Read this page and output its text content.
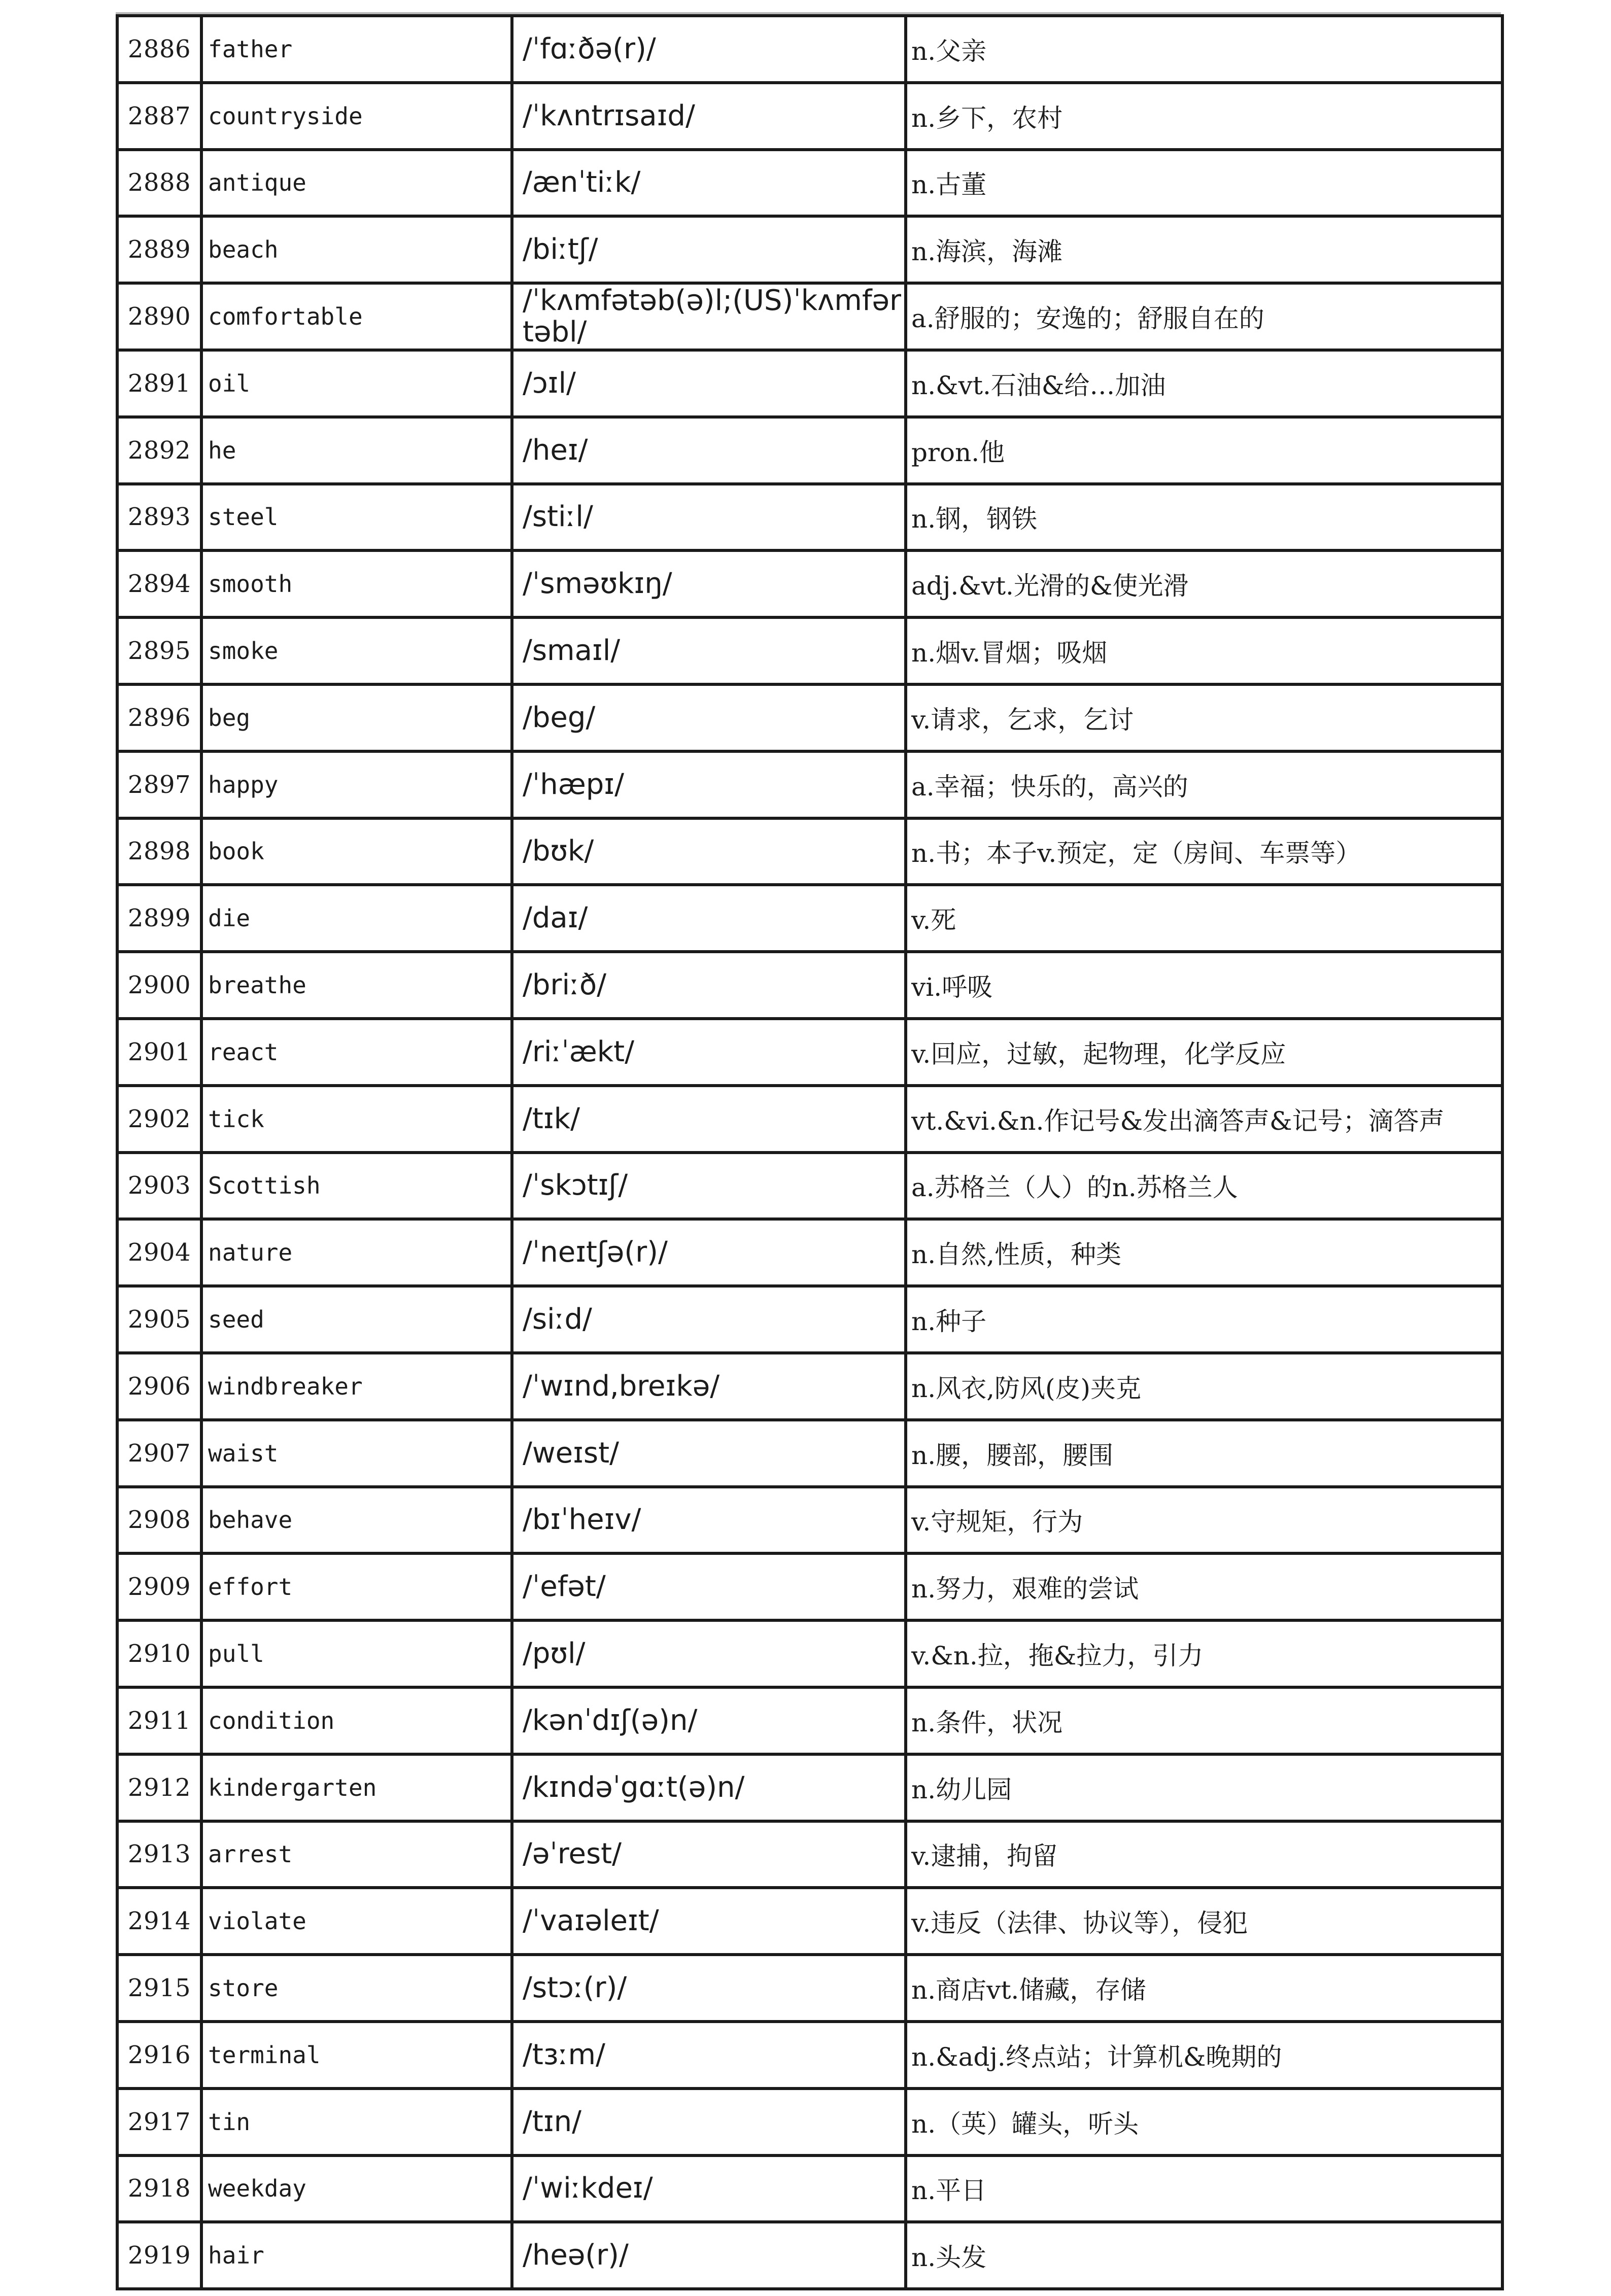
2886	father	/ˈfɑːðə(r)/	n.父亲
2887	countryside	/ˈkʌntrɪsaɪd/	n.乡下，农村
2888	antique	/ænˈtiːk/	n.古董
2889	beach	/biːtʃ/	n.海滨，海滩
2890	comfortable	/ˈkʌmfətəb(ə)l;(US)ˈkʌmfərtəbl/	a.舒服的；安逸的；舒服自在的
2891	oil	/ɔɪl/	n.&vt.石油&给…加油
2892	he	/heɪ/	pron.他
2893	steel	/stiːl/	n.钢，钢铁
2894	smooth	/ˈsməʊkɪŋ/	adj.&vt.光滑的&使光滑
2895	smoke	/smaɪl/	n.烟v.冒烟；吸烟
2896	beg	/beg/	v.请求，乞求，乞讨
2897	happy	/ˈhæpɪ/	a.幸福；快乐的，高兴的
2898	book	/bʊk/	n.书；本子v.预定，定（房间、车票等）
2899	die	/daɪ/	v.死
2900	breathe	/briːð/	vi.呼吸
2901	react	/riːˈækt/	v.回应，过敏，起物理，化学反应
2902	tick	/tɪk/	vt.&vi.&n.作记号&发出滴答声&记号；滴答声
2903	Scottish	/ˈskɔtɪʃ/	a.苏格兰（人）的n.苏格兰人
2904	nature	/ˈneɪtʃə(r)/	n.自然,性质，种类
2905	seed	/siːd/	n.种子
2906	windbreaker	/ˈwɪnd,breɪkə/	n.风衣,防风(皮)夹克
2907	waist	/weɪst/	n.腰，腰部，腰围
2908	behave	/bɪˈheɪv/	v.守规矩，行为
2909	effort	/ˈefət/	n.努力，艰难的尝试
2910	pull	/pʊl/	v.&n.拉，拖&拉力，引力
2911	condition	/kənˈdɪʃ(ə)n/	n.条件，状况
2912	kindergarten	/kɪndəˈgɑːt(ə)n/	n.幼儿园
2913	arrest	/əˈrest/	v.逮捕，拘留
2914	violate	/ˈvaɪəleɪt/	v.违反（法律、协议等），侵犯
2915	store	/stɔː(r)/	n.商店vt.储藏，存储
2916	terminal	/tɜːm/	n.&adj.终点站；计算机&晚期的
2917	tin	/tɪn/	n.（英）罐头，听头
2918	weekday	/ˈwiːkdeɪ/	n.平日
2919	hair	/heə(r)/	n.头发
